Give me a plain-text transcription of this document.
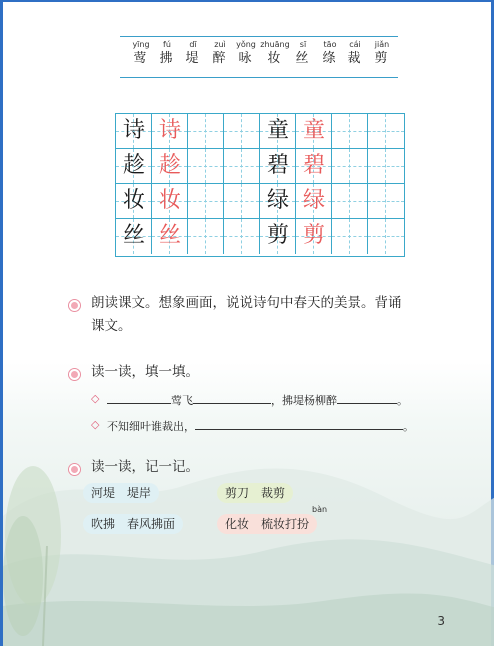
yīng
莺
fú
拂
dī
堤
zuì
醉
yǒng
咏
zhuāng
妆
sī
丝
tāo
绦
cái
裁
jiǎn
剪
诗 诗	童 童
趁 趁	碧 碧
妆 妆	绿 绿
丝 丝	剪 剪
朗读课文。想象画面，说说诗句中春天的美景。背诵
课文。
读一读，填一填。
◇	莺飞	，拂堤杨柳醉	。
◇ 不知细叶谁裁出，	。
读一读，记一记。
河堤　堤岸	剪刀　裁剪
吹拂　春风拂面
bàn
化妆　梳妆打扮
3
